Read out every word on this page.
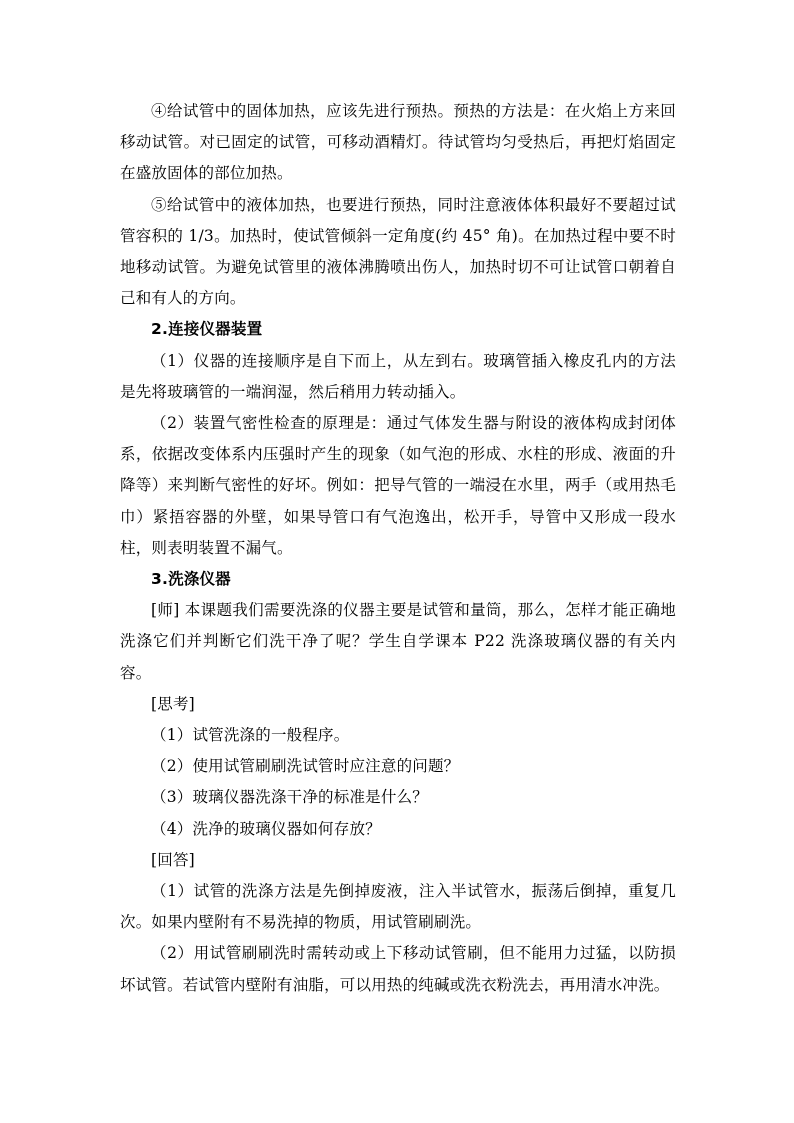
④给试管中的固体加热，应该先进行预热。预热的方法是：在火焰上方来回移动试管。对已固定的试管，可移动酒精灯。待试管均匀受热后，再把灯焰固定在盛放固体的部位加热。

⑤给试管中的液体加热，也要进行预热，同时注意液体体积最好不要超过试管容积的 1/3。加热时，使试管倾斜一定角度(约 45° 角)。在加热过程中要不时地移动试管。为避免试管里的液体沸腾喷出伤人，加热时切不可让试管口朝着自己和有人的方向。

2.连接仪器装置

（1）仪器的连接顺序是自下而上，从左到右。玻璃管插入橡皮孔内的方法是先将玻璃管的一端润湿，然后稍用力转动插入。

（2）装置气密性检查的原理是：通过气体发生器与附设的液体构成封闭体系，依据改变体系内压强时产生的现象（如气泡的形成、水柱的形成、液面的升降等）来判断气密性的好坏。例如：把导气管的一端浸在水里，两手（或用热毛巾）紧捂容器的外壁，如果导管口有气泡逸出，松开手，导管中又形成一段水柱，则表明装置不漏气。

3.洗涤仪器

[师] 本课题我们需要洗涤的仪器主要是试管和量筒，那么，怎样才能正确地洗涤它们并判断它们洗干净了呢？学生自学课本 P22 洗涤玻璃仪器的有关内容。

[思考]

（1）试管洗涤的一般程序。

（2）使用试管刷刷洗试管时应注意的问题？

（3）玻璃仪器洗涤干净的标准是什么？

（4）洗净的玻璃仪器如何存放？

[回答]

（1）试管的洗涤方法是先倒掉废液，注入半试管水，振荡后倒掉，重复几次。如果内壁附有不易洗掉的物质，用试管刷刷洗。

（2）用试管刷刷洗时需转动或上下移动试管刷，但不能用力过猛，以防损坏试管。若试管内壁附有油脂，可以用热的纯碱或洗衣粉洗去，再用清水冲洗。
